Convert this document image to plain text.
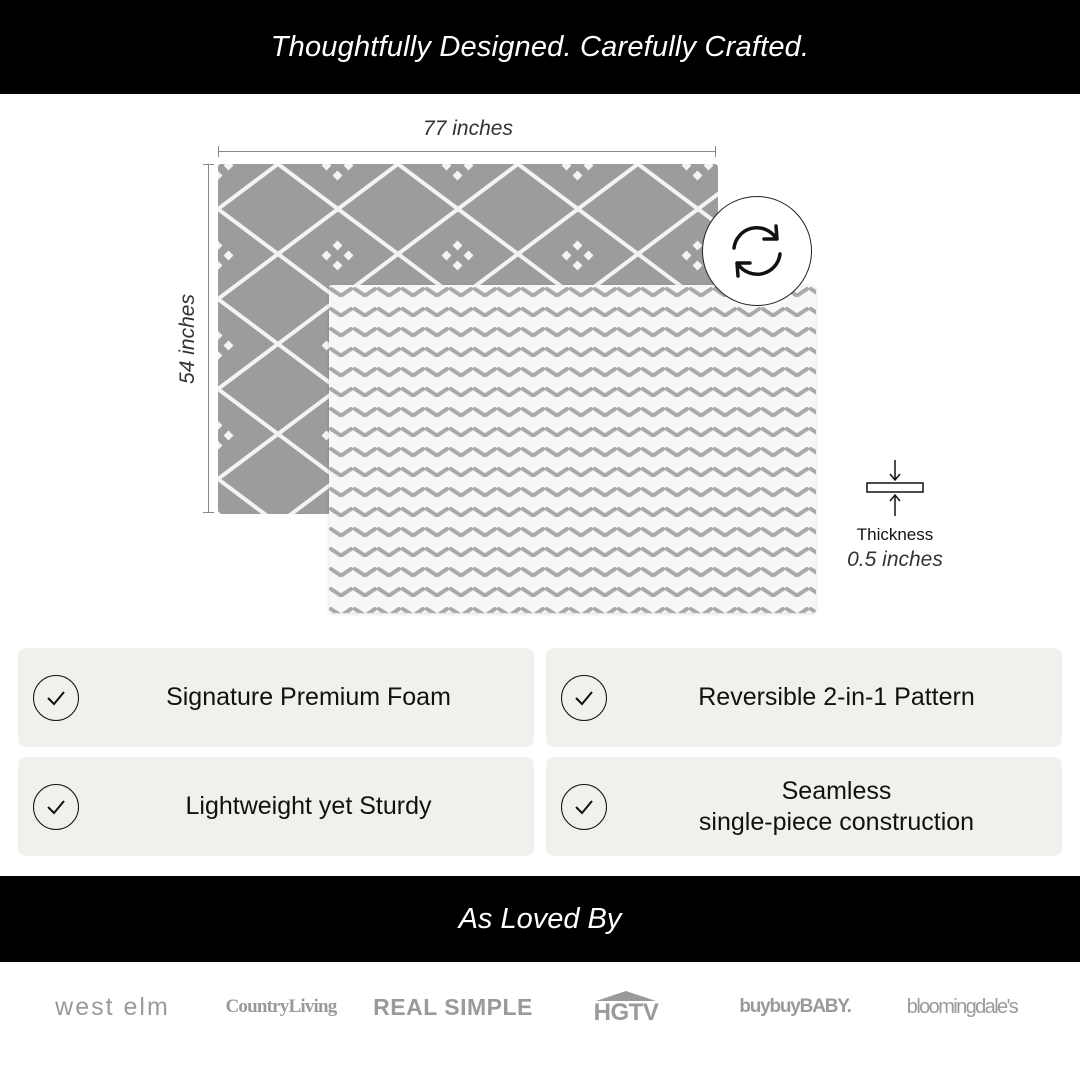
Thoughtfully Designed. Carefully Crafted.
77 inches
54 inches
Thickness
0.5 inches
Signature Premium Foam	Reversible 2-in-1 Pattern
Lightweight yet Sturdy
Seamless
single-piece construction
As Loved By
west elm	CountryLiving	REAL SIMPLE	HGTV	buybuyBABY.	bloomingdale's
